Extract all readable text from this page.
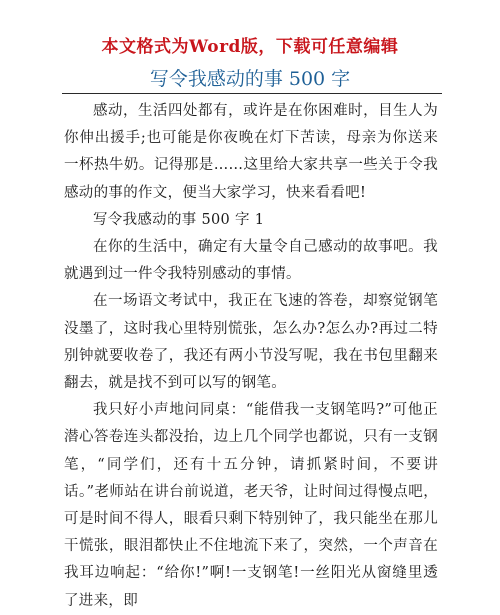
本文格式为Word版，下载可任意编辑
写令我感动的事 500 字

感动，生活四处都有，或许是在你困难时，目生人为你伸出援手;也可能是你夜晚在灯下苦读，母亲为你送来一杯热牛奶。记得那是……这里给大家共享一些关于令我感动的事的作文，便当大家学习，快来看看吧!

写令我感动的事 500 字 1

在你的生活中，确定有大量令自己感动的故事吧。我就遇到过一件令我特别感动的事情。

在一场语文考试中，我正在飞速的答卷，却察觉钢笔没墨了，这时我心里特别慌张，怎么办?怎么办?再过二特别钟就要收卷了，我还有两小节没写呢，我在书包里翻来翻去，就是找不到可以写的钢笔。

我只好小声地问同桌：“能借我一支钢笔吗?”可他正潜心答卷连头都没抬，边上几个同学也都说，只有一支钢笔，“同学们，还有十五分钟，请抓紧时间，不要讲话。”老师站在讲台前说道，老天爷，让时间过得慢点吧，可是时间不得人，眼看只剩下特别钟了，我只能坐在那儿干慌张，眼泪都快止不住地流下来了，突然，一个声音在我耳边响起：“给你!”啊!一支钢笔!一丝阳光从窗缝里透了进来，即
